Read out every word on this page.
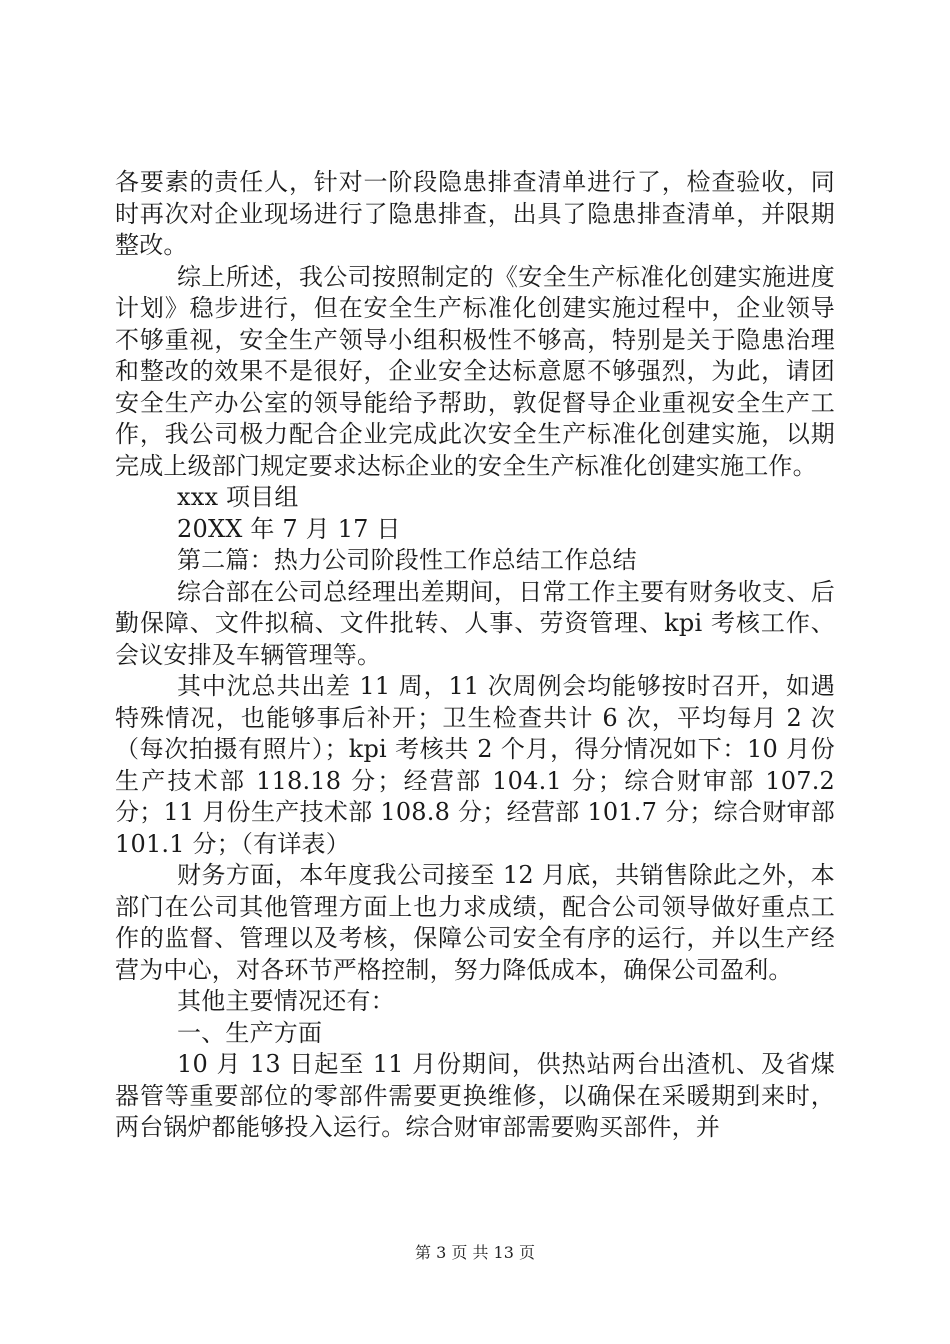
各要素的责任人，针对一阶段隐患排查清单进行了，检查验收，同时再次对企业现场进行了隐患排查，出具了隐患排查清单，并限期整改。

综上所述，我公司按照制定的《安全生产标准化创建实施进度计划》稳步进行，但在安全生产标准化创建实施过程中，企业领导不够重视，安全生产领导小组积极性不够高，特别是关于隐患治理和整改的效果不是很好，企业安全达标意愿不够强烈，为此，请团安全生产办公室的领导能给予帮助，敦促督导企业重视安全生产工作，我公司极力配合企业完成此次安全生产标准化创建实施，以期完成上级部门规定要求达标企业的安全生产标准化创建实施工作。

xxx 项目组

20XX 年 7 月 17 日

第二篇：热力公司阶段性工作总结工作总结

综合部在公司总经理出差期间，日常工作主要有财务收支、后勤保障、文件拟稿、文件批转、人事、劳资管理、kpi 考核工作、会议安排及车辆管理等。

其中沈总共出差 11 周，11 次周例会均能够按时召开，如遇特殊情况，也能够事后补开；卫生检查共计 6 次，平均每月 2 次（每次拍摄有照片）；kpi 考核共 2 个月，得分情况如下：10 月份生产技术部 118.18 分；经营部 104.1 分；综合财审部 107.2 分；11 月份生产技术部 108.8 分；经营部 101.7 分；综合财审部 101.1 分；（有详表）

财务方面，本年度我公司接至 12 月底，共销售除此之外，本部门在公司其他管理方面上也力求成绩，配合公司领导做好重点工作的监督、管理以及考核，保障公司安全有序的运行，并以生产经营为中心，对各环节严格控制，努力降低成本，确保公司盈利。

其他主要情况还有：

一、生产方面

10 月 13 日起至 11 月份期间，供热站两台出渣机、及省煤器管等重要部位的零部件需要更换维修，以确保在采暖期到来时，两台锅炉都能够投入运行。综合财审部需要购买部件，并

第 3 页 共 13 页
